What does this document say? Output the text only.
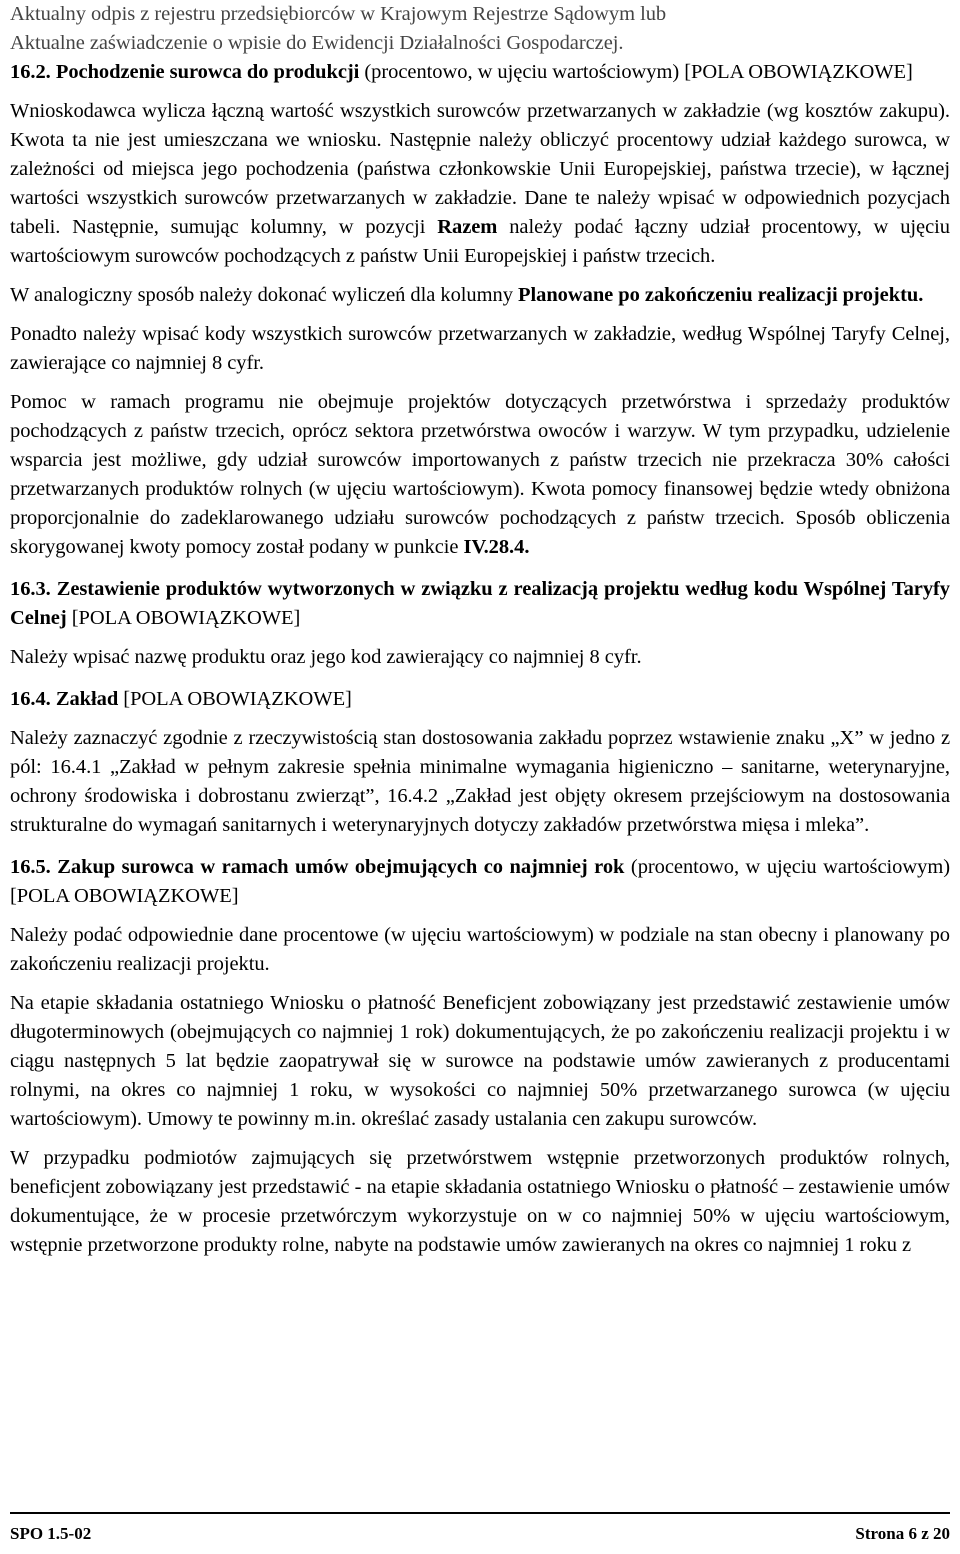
Aktualny odpis z rejestru przedsiębiorców w Krajowym Rejestrze Sądowym lub

Aktualne zaświadczenie o wpisie do Ewidencji Działalności Gospodarczej.

16.2. Pochodzenie surowca do produkcji (procentowo, w ujęciu wartościowym) [POLA OBOWIĄZKOWE]

Wnioskodawca wylicza łączną wartość wszystkich surowców przetwarzanych w zakładzie (wg kosztów zakupu). Kwota ta nie jest umieszczana we wniosku. Następnie należy obliczyć procentowy udział każdego surowca, w zależności od miejsca jego pochodzenia (państwa członkowskie Unii Europejskiej, państwa trzecie), w łącznej wartości wszystkich surowców przetwarzanych w zakładzie. Dane te należy wpisać w odpowiednich pozycjach tabeli. Następnie, sumując kolumny, w pozycji Razem należy podać łączny udział procentowy, w ujęciu wartościowym surowców pochodzących z państw Unii Europejskiej i państw trzecich.

W analogiczny sposób należy dokonać wyliczeń dla kolumny Planowane po zakończeniu realizacji projektu.

Ponadto należy wpisać kody wszystkich surowców przetwarzanych w zakładzie, według Wspólnej Taryfy Celnej, zawierające co najmniej 8 cyfr.

Pomoc w ramach programu nie obejmuje projektów dotyczących przetwórstwa i sprzedaży produktów pochodzących z państw trzecich, oprócz sektora przetwórstwa owoców i warzyw. W tym przypadku, udzielenie wsparcia jest możliwe, gdy udział surowców importowanych z państw trzecich nie przekracza 30% całości przetwarzanych produktów rolnych (w ujęciu wartościowym). Kwota pomocy finansowej będzie wtedy obniżona proporcjonalnie do zadeklarowanego udziału surowców pochodzących z państw trzecich. Sposób obliczenia skorygowanej kwoty pomocy został podany w punkcie IV.28.4.

16.3. Zestawienie produktów wytworzonych w związku z realizacją projektu według kodu Wspólnej Taryfy Celnej [POLA OBOWIĄZKOWE]

Należy wpisać nazwę produktu oraz jego kod zawierający co najmniej 8 cyfr.

16.4. Zakład [POLA OBOWIĄZKOWE]

Należy zaznaczyć zgodnie z rzeczywistością stan dostosowania zakładu poprzez wstawienie znaku „X” w jedno z pól: 16.4.1 „Zakład w pełnym zakresie spełnia minimalne wymagania higieniczno – sanitarne, weterynaryjne, ochrony środowiska i dobrostanu zwierząt”, 16.4.2 „Zakład jest objęty okresem przejściowym na dostosowania strukturalne do wymagań sanitarnych i weterynaryjnych dotyczy zakładów przetwórstwa mięsa i mleka”.

16.5. Zakup surowca w ramach umów obejmujących co najmniej rok (procentowo, w ujęciu wartościowym) [POLA OBOWIĄZKOWE]

Należy podać odpowiednie dane procentowe (w ujęciu wartościowym) w podziale na stan obecny i planowany po zakończeniu realizacji projektu.

Na etapie składania ostatniego Wniosku o płatność Beneficjent zobowiązany jest przedstawić zestawienie umów długoterminowych (obejmujących co najmniej 1 rok) dokumentujących, że po zakończeniu realizacji projektu i w ciągu następnych 5 lat będzie zaopatrywał się w surowce na podstawie umów zawieranych z producentami rolnymi, na okres co najmniej 1 roku, w wysokości co najmniej 50% przetwarzanego surowca (w ujęciu wartościowym). Umowy te powinny m.in. określać zasady ustalania cen zakupu surowców.

W przypadku podmiotów zajmujących się przetwórstwem wstępnie przetworzonych produktów rolnych, beneficjent zobowiązany jest przedstawić - na etapie składania ostatniego Wniosku o płatność – zestawienie umów dokumentujące, że w procesie przetwórczym wykorzystuje on w co najmniej 50% w ujęciu wartościowym, wstępnie przetworzone produkty rolne, nabyte na podstawie umów zawieranych na okres co najmniej 1 roku z

SPO 1.5-02	Strona 6 z 20
